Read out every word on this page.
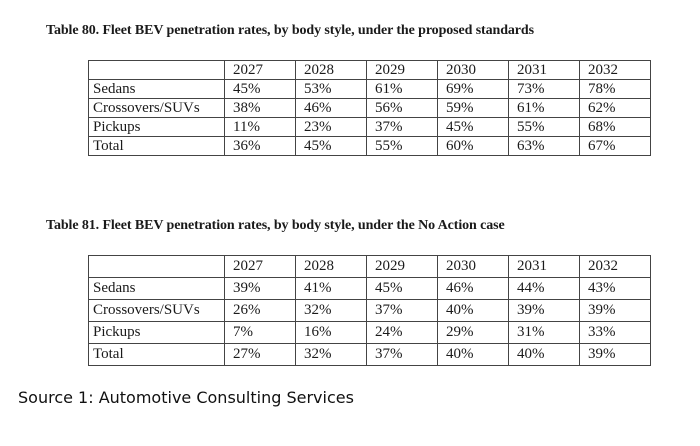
Table 80. Fleet BEV penetration rates, by body style, under the proposed standards
	2027	2028	2029	2030	2031	2032
Sedans	45%	53%	61%	69%	73%	78%
Crossovers/SUVs	38%	46%	56%	59%	61%	62%
Pickups	11%	23%	37%	45%	55%	68%
Total	36%	45%	55%	60%	63%	67%
Table 81. Fleet BEV penetration rates, by body style, under the No Action case
	2027	2028	2029	2030	2031	2032
Sedans	39%	41%	45%	46%	44%	43%
Crossovers/SUVs	26%	32%	37%	40%	39%	39%
Pickups	7%	16%	24%	29%	31%	33%
Total	27%	32%	37%	40%	40%	39%
Source 1: Automotive Consulting Services
